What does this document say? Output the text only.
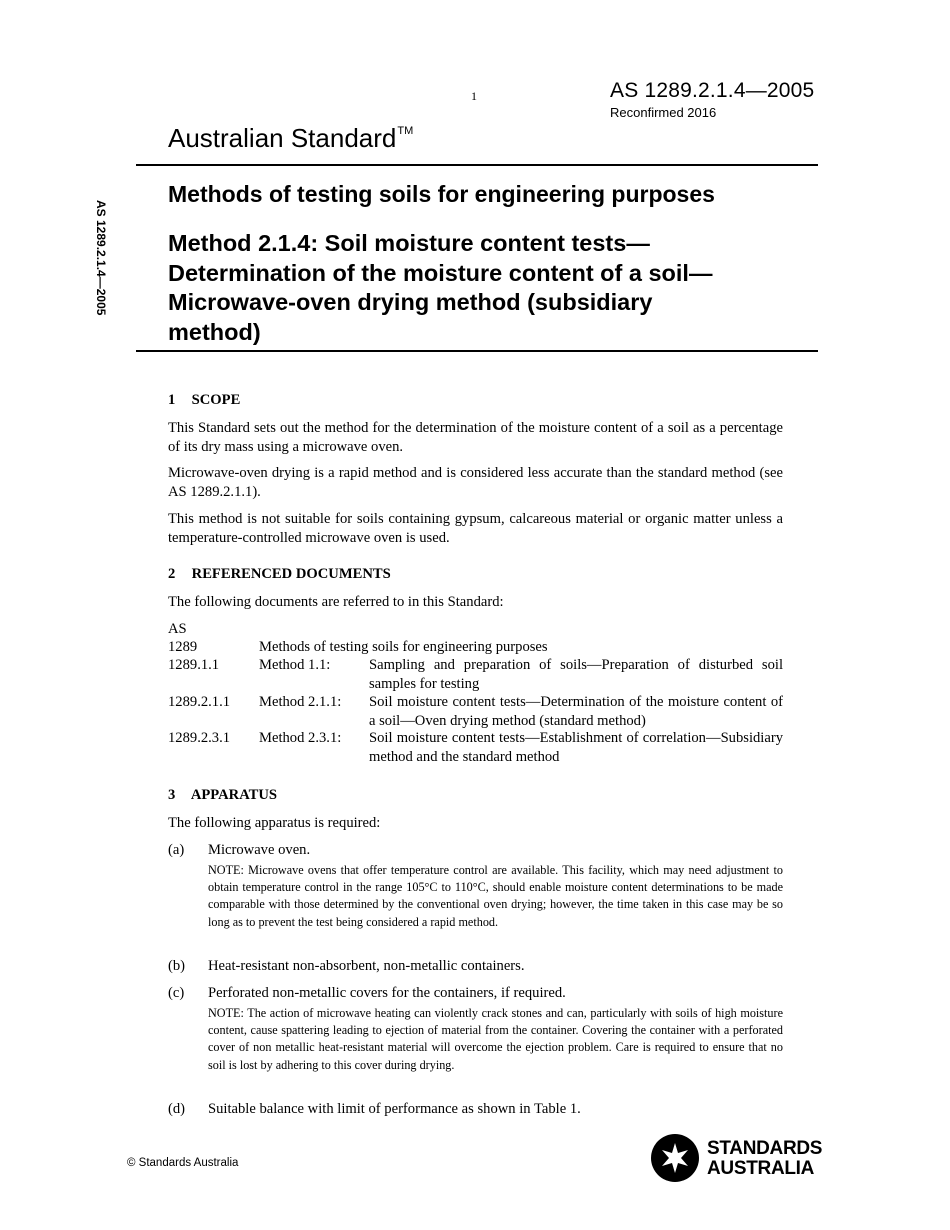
1	AS 1289.2.1.4—2005
Reconfirmed 2016
Australian Standard™
AS 1289.2.1.4—2005
Methods of testing soils for engineering purposes
Method 2.1.4: Soil moisture content tests—
Determination of the moisture content of a soil—
Microwave-oven drying method (subsidiary
method)
1 SCOPE
This Standard sets out the method for the determination of the moisture content of a soil as a percentage of its dry mass using a microwave oven.
Microwave-oven drying is a rapid method and is considered less accurate than the standard method (see AS 1289.2.1.1).
This method is not suitable for soils containing gypsum, calcareous material or organic matter unless a temperature-controlled microwave oven is used.
2 REFERENCED DOCUMENTS
The following documents are referred to in this Standard:
AS
1289	Methods of testing soils for engineering purposes
1289.1.1	Method 1.1:	Sampling and preparation of soils—Preparation of disturbed soil samples for testing
1289.2.1.1 Method 2.1.1: Soil moisture content tests—Determination of the moisture content of a soil—Oven drying method (standard method)
1289.2.3.1 Method 2.3.1: Soil moisture content tests—Establishment of correlation—Subsidiary method and the standard method
3 APPARATUS
The following apparatus is required:
(a) Microwave oven.
NOTE: Microwave ovens that offer temperature control are available. This facility, which may need adjustment to obtain temperature control in the range 105°C to 110°C, should enable moisture content determinations to be made comparable with those determined by the conventional oven drying; however, the time taken in this case may be so long as to prevent the test being considered a rapid method.
(b) Heat-resistant non-absorbent, non-metallic containers.
(c) Perforated non-metallic covers for the containers, if required.
NOTE: The action of microwave heating can violently crack stones and can, particularly with soils of high moisture content, cause spattering leading to ejection of material from the container. Covering the container with a perforated cover of non metallic heat-resistant material will overcome the ejection problem. Care is required to ensure that no soil is lost by adhering to this cover during drying.
(d) Suitable balance with limit of performance as shown in Table 1.
© Standards Australia
STANDARDS
AUSTRALIA
